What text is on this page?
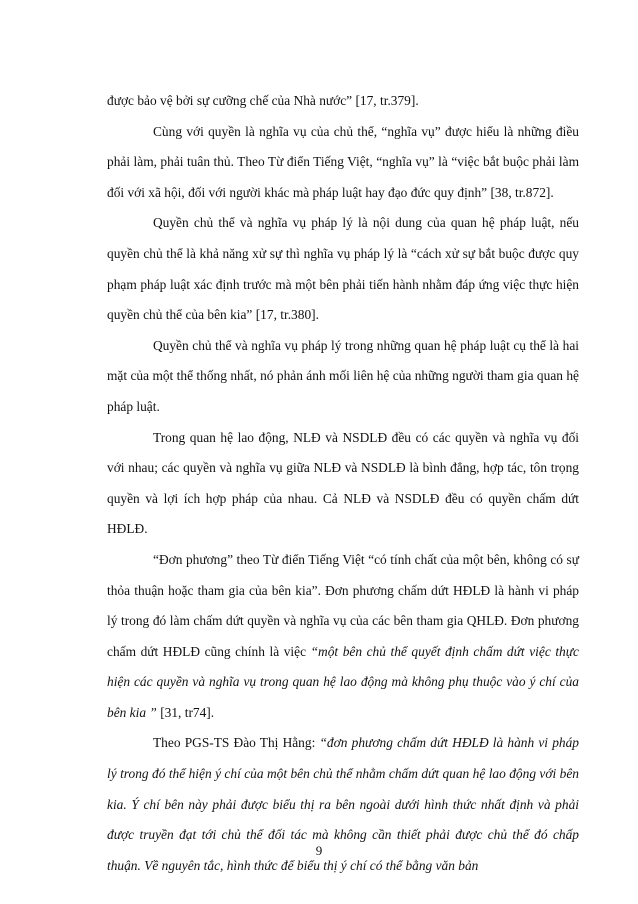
được bảo vệ bởi sự cưỡng chế của Nhà nước” [17, tr.379].

Cùng với quyền là nghĩa vụ của chủ thể, “nghĩa vụ” được hiểu là những điều phải làm, phải tuân thủ. Theo Từ điển Tiếng Việt, “nghĩa vụ” là “việc bắt buộc phải làm đối với xã hội, đối với người khác mà pháp luật hay đạo đức quy định” [38, tr.872].

Quyền chủ thể và nghĩa vụ pháp lý là nội dung của quan hệ pháp luật, nếu quyền chủ thể là khả năng xử sự thì nghĩa vụ pháp lý là “cách xử sự bắt buộc được quy phạm pháp luật xác định trước mà một bên phải tiến hành nhằm đáp ứng việc thực hiện quyền chủ thể của bên kia” [17, tr.380].

Quyền chủ thể và nghĩa vụ pháp lý trong những quan hệ pháp luật cụ thể là hai mặt của một thể thống nhất, nó phản ánh mối liên hệ của những người tham gia quan hệ pháp luật.

Trong quan hệ lao động, NLĐ và NSDLĐ đều có các quyền và nghĩa vụ đối với nhau; các quyền và nghĩa vụ giữa NLĐ và NSDLĐ là bình đẳng, hợp tác, tôn trọng quyền và lợi ích hợp pháp của nhau. Cả NLĐ và NSDLĐ đều có quyền chấm dứt HĐLĐ.

“Đơn phương” theo Từ điển Tiếng Việt “có tính chất của một bên, không có sự thỏa thuận hoặc tham gia của bên kia”. Đơn phương chấm dứt HĐLĐ là hành vi pháp lý trong đó làm chấm dứt quyền và nghĩa vụ của các bên tham gia QHLĐ. Đơn phương chấm dứt HĐLĐ cũng chính là việc “một bên chủ thể quyết định chấm dứt việc thực hiện các quyền và nghĩa vụ trong quan hệ lao động mà không phụ thuộc vào ý chí của bên kia ” [31, tr74].

Theo PGS-TS Đào Thị Hằng: “đơn phương chấm dứt HĐLĐ là hành vi pháp lý trong đó thể hiện ý chí của một bên chủ thể nhằm chấm dứt quan hệ lao động với bên kia. Ý chí bên này phải được biểu thị ra bên ngoài dưới hình thức nhất định và phải được truyền đạt tới chủ thể đối tác mà không cần thiết phải được chủ thể đó chấp thuận. Về nguyên tắc, hình thức để biểu thị ý chí có thể bằng văn bản

9
